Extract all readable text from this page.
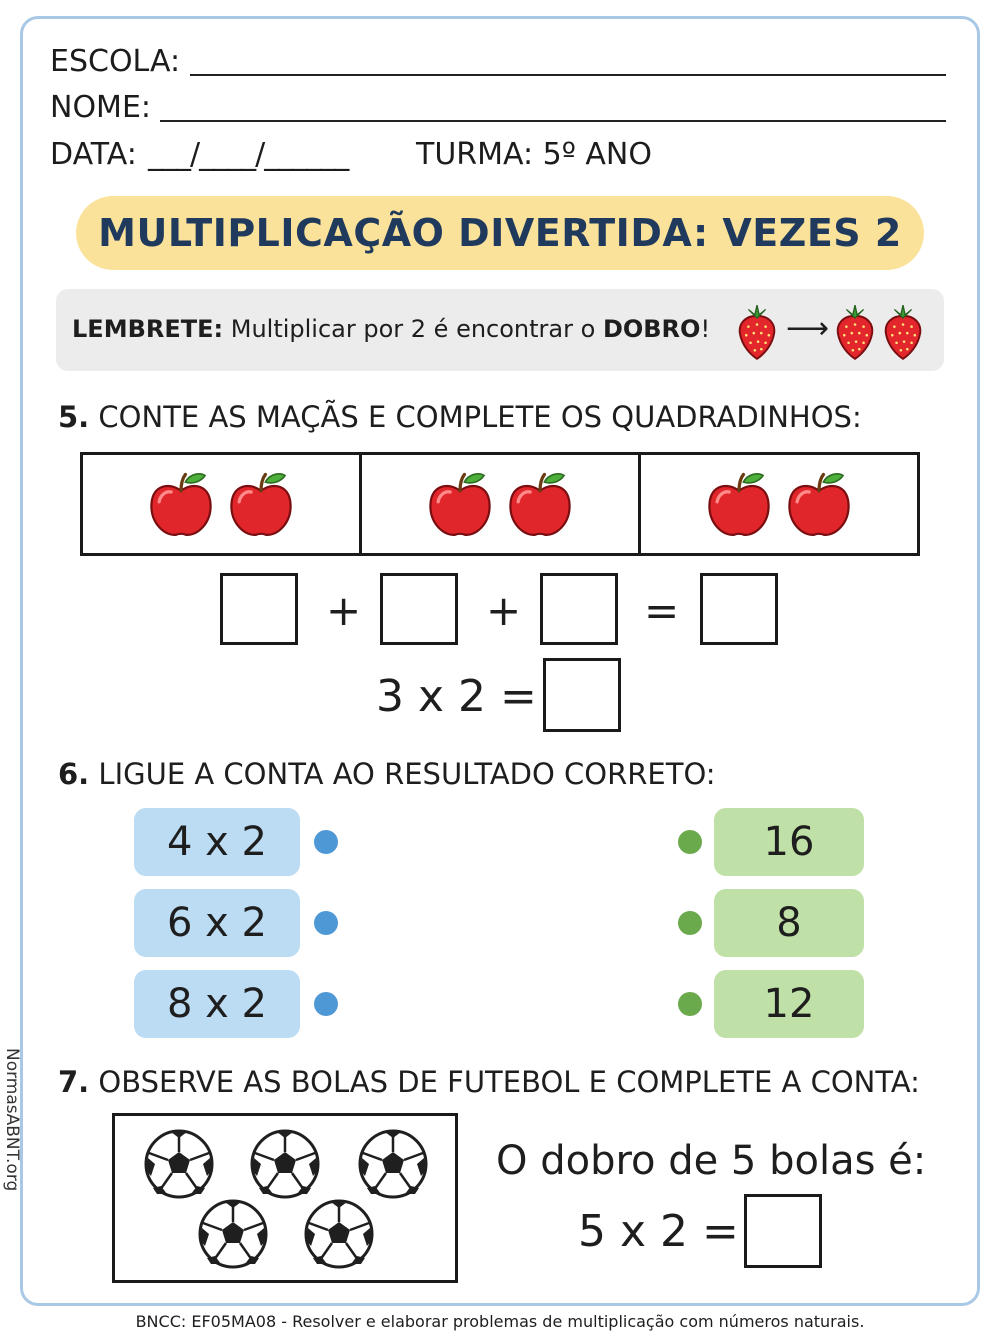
ESCOLA:
NOME:
DATA: ___/____/______ TURMA: 5º ANO
MULTIPLICAÇÃO DIVERTIDA: VEZES 2
LEMBRETE: Multiplicar por 2 é encontrar o DOBRO!	⟶
5. CONTE AS MAÇÃS E COMPLETE OS QUADRADINHOS:
+	+	=
3 x 2 =
6. LIGUE A CONTA AO RESULTADO CORRETO:
4 x 2	16
6 x 2	8
8 x 2	12
7. OBSERVE AS BOLAS DE FUTEBOL E COMPLETE A CONTA:
O dobro de 5 bolas é:
5 x 2 =
BNCC: EF05MA08 - Resolver e elaborar problemas de multiplicação com números naturais.
NormasABNT.org
